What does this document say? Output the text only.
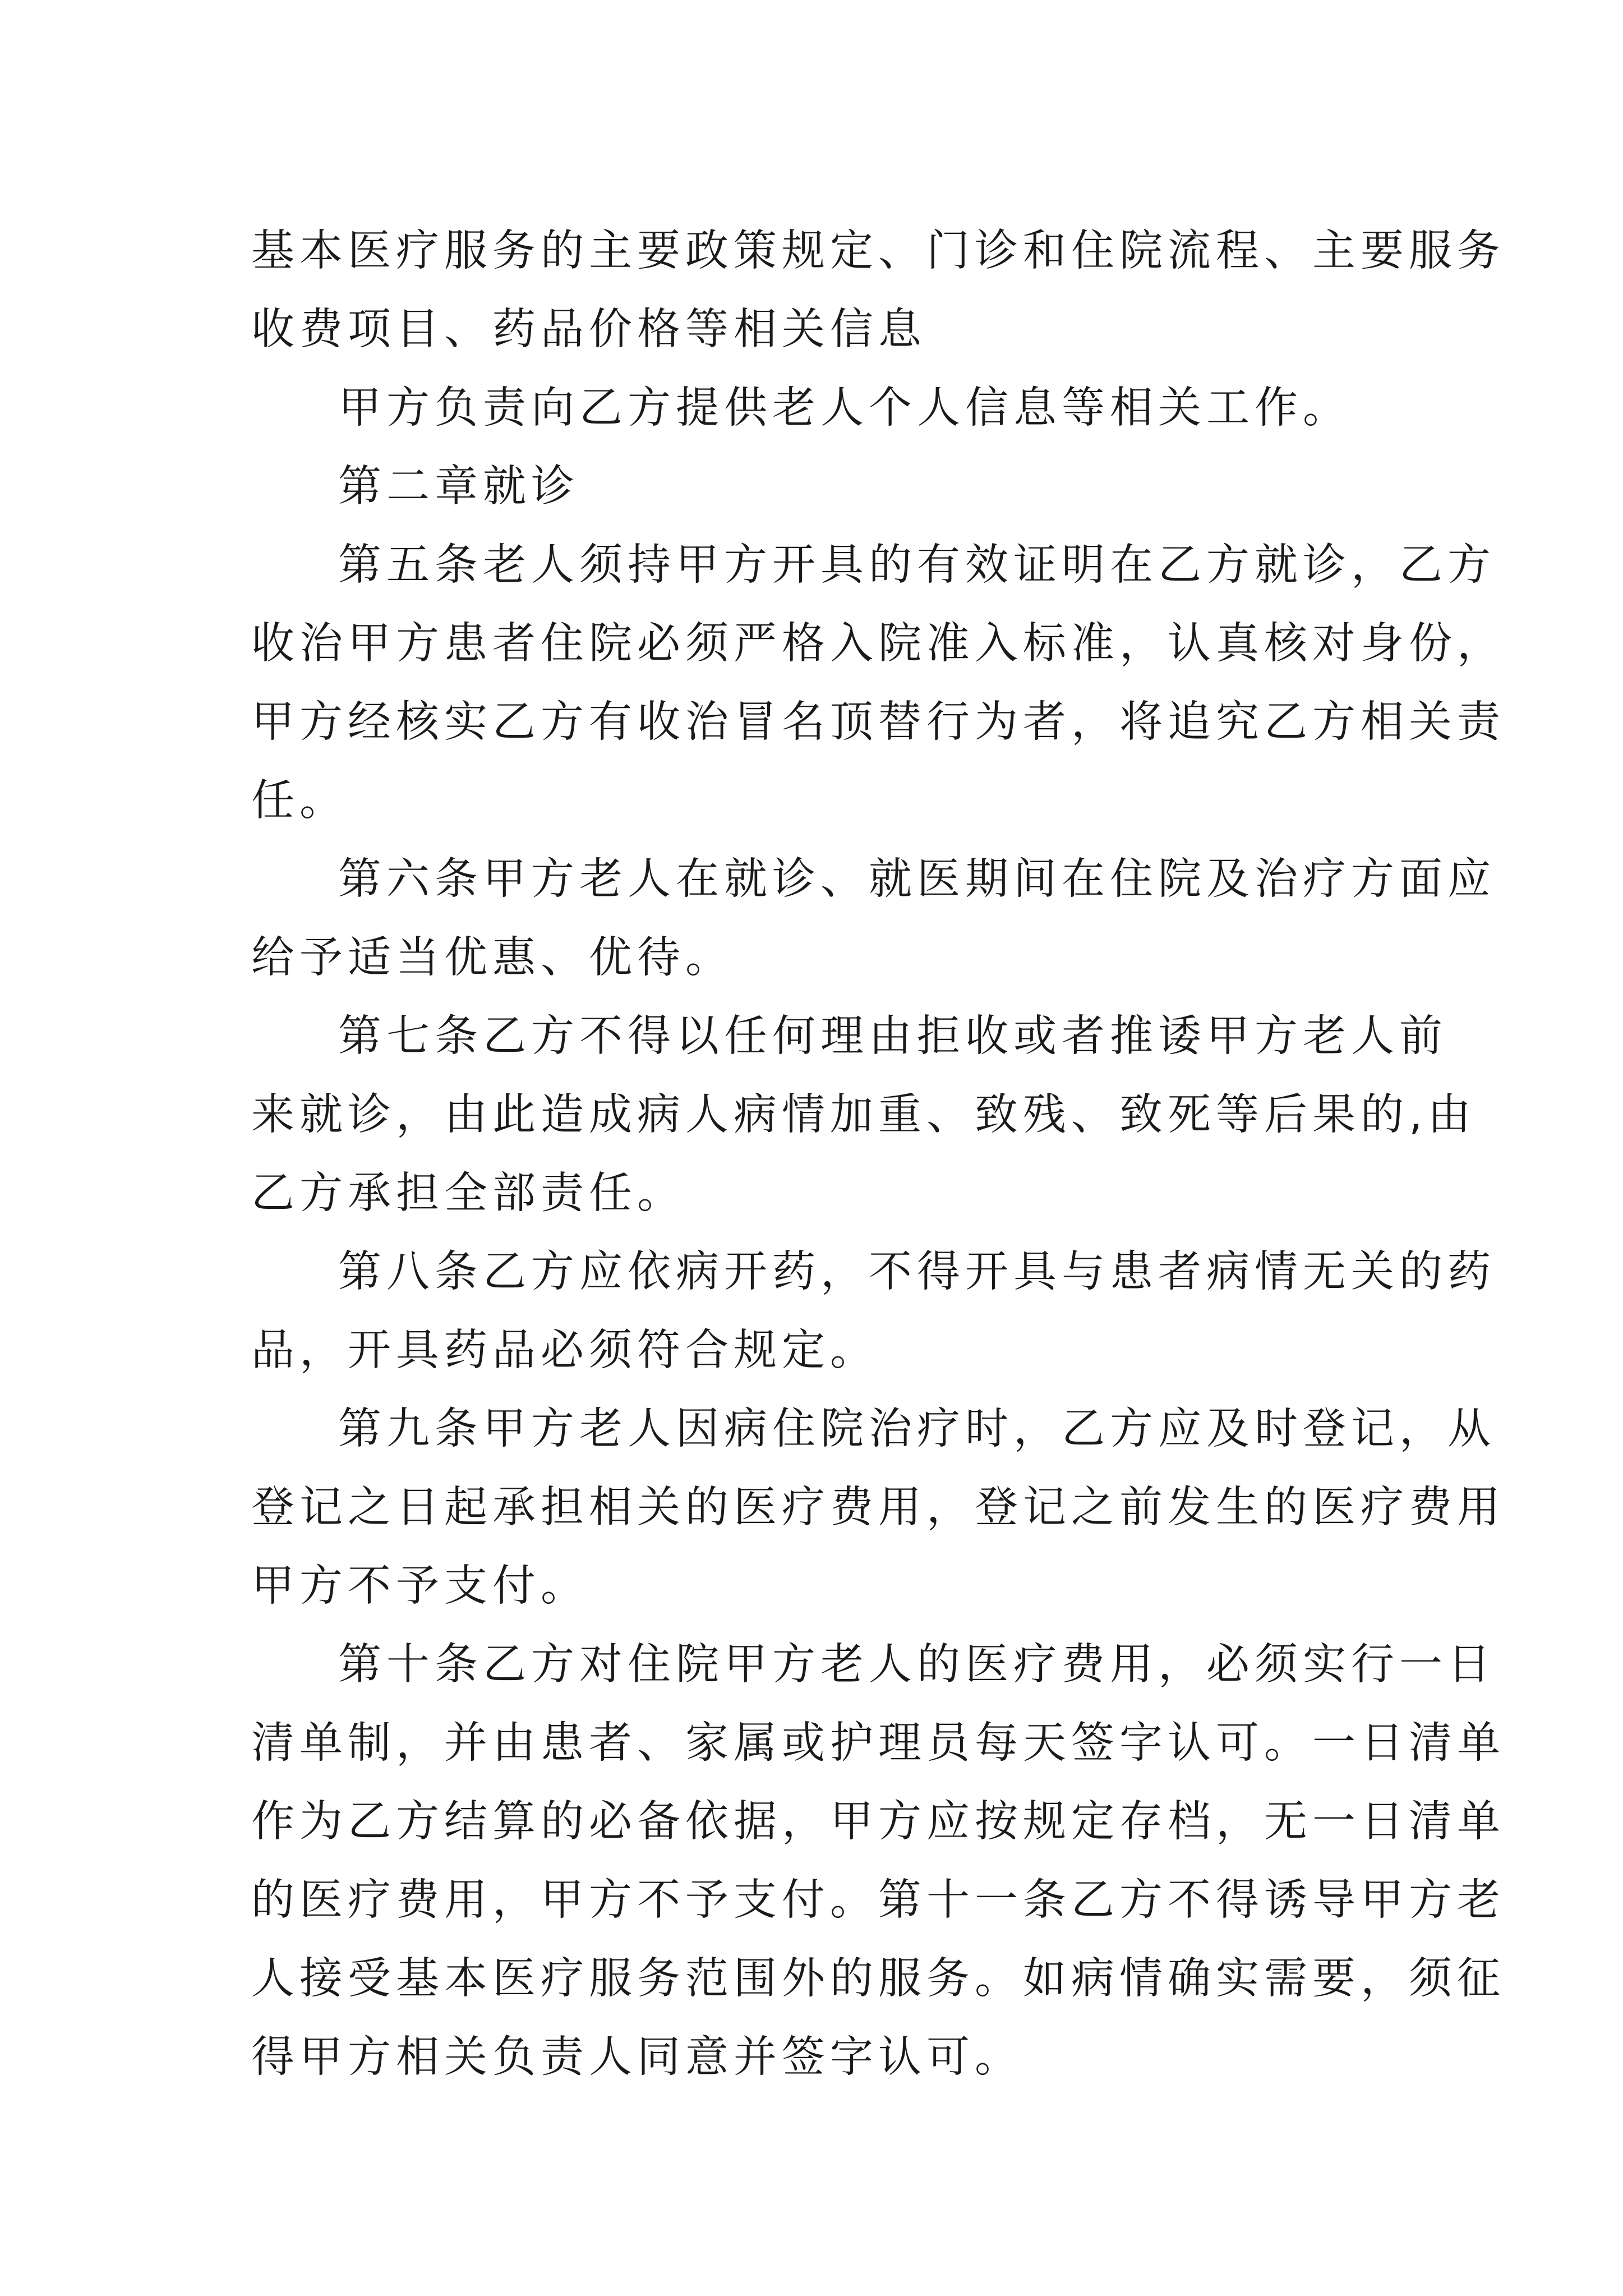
基本医疗服务的主要政策规定、门诊和住院流程、主要服务
收费项目、药品价格等相关信息
甲方负责向乙方提供老人个人信息等相关工作。
第二章就诊
第五条老人须持甲方开具的有效证明在乙方就诊，乙方
收治甲方患者住院必须严格入院准入标准，认真核对身份，
甲方经核实乙方有收治冒名顶替行为者，将追究乙方相关责
任。
第六条甲方老人在就诊、就医期间在住院及治疗方面应
给予适当优惠、优待。
第七条乙方不得以任何理由拒收或者推诿甲方老人前
来就诊，由此造成病人病情加重、致残、致死等后果的,由
乙方承担全部责任。
第八条乙方应依病开药，不得开具与患者病情无关的药
品，开具药品必须符合规定。
第九条甲方老人因病住院治疗时，乙方应及时登记，从
登记之日起承担相关的医疗费用，登记之前发生的医疗费用
甲方不予支付。
第十条乙方对住院甲方老人的医疗费用，必须实行一日
清单制，并由患者、家属或护理员每天签字认可。一日清单
作为乙方结算的必备依据，甲方应按规定存档，无一日清单
的医疗费用，甲方不予支付。第十一条乙方不得诱导甲方老
人接受基本医疗服务范围外的服务。如病情确实需要，须征
得甲方相关负责人同意并签字认可。
